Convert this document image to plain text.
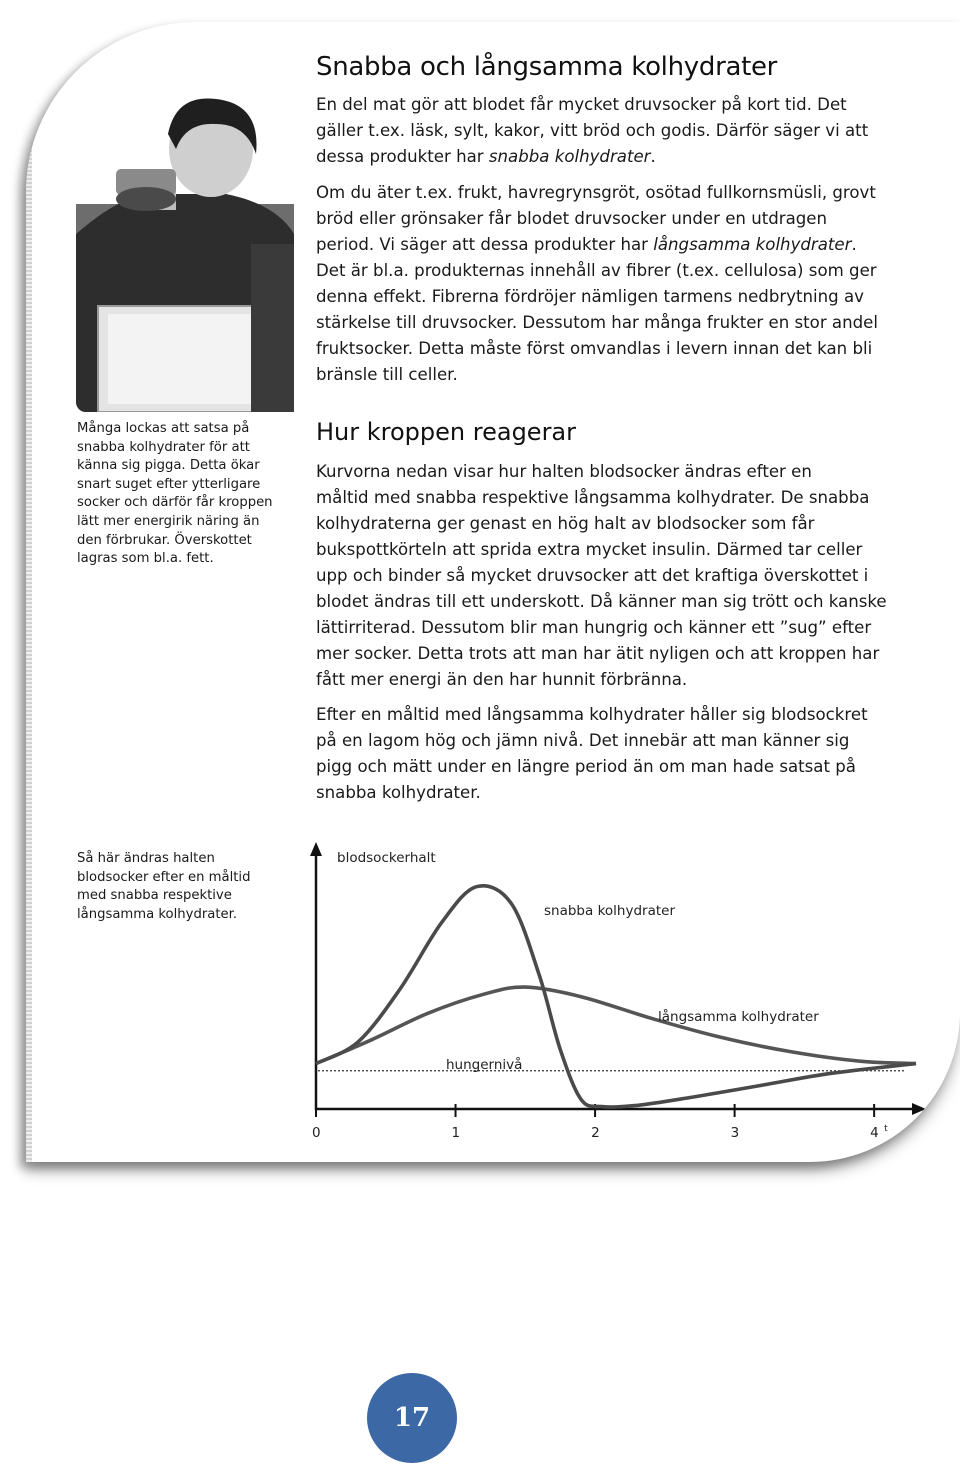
Snabba och långsamma kolhydrater

En del mat gör att blodet får mycket druvsocker på kort tid. Det
gäller t.ex. läsk, sylt, kakor, vitt bröd och godis. Därför säger vi att
dessa produkter har snabba kolhydrater.

Om du äter t.ex. frukt, havregrynsgröt, osötad fullkornsmüsli, grovt
bröd eller grönsaker får blodet druvsocker under en utdragen
period. Vi säger att dessa produkter har långsamma kolhydrater.
Det är bl.a. produkternas innehåll av fibrer (t.ex. cellulosa) som ger
denna effekt. Fibrerna fördröjer nämligen tarmens nedbrytning av
stärkelse till druvsocker. Dessutom har många frukter en stor andel
fruktsocker. Detta måste först omvandlas i levern innan det kan bli
bränsle till celler.

Hur kroppen reagerar

Kurvorna nedan visar hur halten blodsocker ändras efter en
måltid med snabba respektive långsamma kolhydrater. De snabba
kolhydraterna ger genast en hög halt av blodsocker som får
bukspottkörteln att sprida extra mycket insulin. Därmed tar celler
upp och binder så mycket druvsocker att det kraftiga överskottet i
blodet ändras till ett underskott. Då känner man sig trött och kanske
lättirriterad. Dessutom blir man hungrig och känner ett ”sug” efter
mer socker. Detta trots att man har ätit nyligen och att kroppen har
fått mer energi än den har hunnit förbränna.

Efter en måltid med långsamma kolhydrater håller sig blodsockret
på en lagom hög och jämn nivå. Det innebär att man känner sig
pigg och mätt under en längre period än om man hade satsat på
snabba kolhydrater.

Många lockas att satsa på
snabba kolhydrater för att
känna sig pigga. Detta ökar
snart suget efter ytterligare
socker och därför får kroppen
lätt mer energirik näring än
den förbrukar. Överskottet
lagras som bl.a. fett.

Så här ändras halten
blodsocker efter en måltid
med snabba respektive
långsamma kolhydrater.

blodsockerhalt
0	1	2	3	4 t
snabba kolhydrater
långsamma kolhydrater
hungernivå
17
